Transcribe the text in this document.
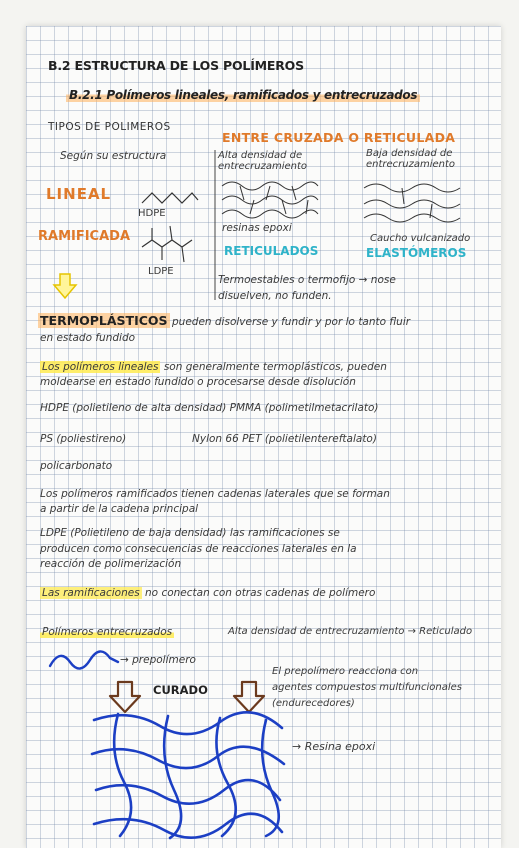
B.2 ESTRUCTURA DE LOS POLÍMEROS
B.2.1 Polímeros lineales, ramificados y entrecruzados
TIPOS DE POLIMEROS
Según su estructura
LINEAL
HDPE
RAMIFICADA
LDPE
ENTRE CRUZADA O RETICULADA
Alta densidad de entrecruzamiento
Baja densidad de entrecruzamiento
resinas epoxi
Caucho vulcanizado
RETICULADOS	ELASTÓMEROS
Termoestables o termofijo → nose
disuelven, no funden.
TERMOPLÁSTICOS pueden disolverse y fundir y por lo tanto fluir
en estado fundido
Los polímeros lineales son generalmente termoplásticos, pueden
moldearse en estado fundido o procesarse desde disolución
HDPE (polietileno de alta densidad) PMMA (polimetilmetacrilato)
PS (poliestireno)	Nylon 66 PET (polietilentereftalato)
policarbonato
Los polímeros ramificados tienen cadenas laterales que se forman
a partir de la cadena principal
LDPE (Polietileno de baja densidad) las ramificaciones se
producen como consecuencias de reacciones laterales en la
reacción de polimerización
Las ramificaciones no conectan con otras cadenas de polímero
Polímeros entrecruzados	Alta densidad de entrecruzamiento → Reticulado
→ prepolímero
CURADO
El prepolímero reacciona con
agentes compuestos multifuncionales
(endurecedores)
→ Resina epoxi
